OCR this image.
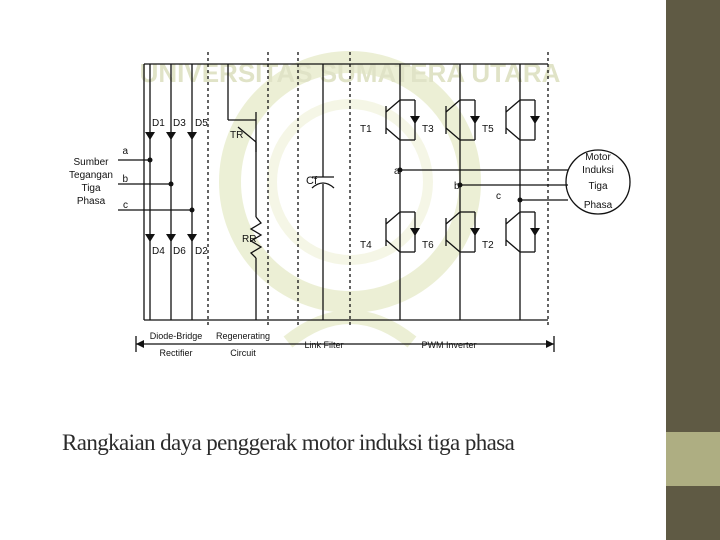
UNIVERSITAS SUMATERA UTARA
a
b
c
D1 D3 D5
D4 D6 D2
TR
RR
Cf
T1	T3	T5
T4	T6	T2
a
b
c
Motor
Induksi
Tiga
Phasa
Diode-Bridge
Rectifier
Regenerating
Circuit
Link Filter	PWM Inverter
Sumber
Tegangan
Tiga
Phasa
Rangkaian daya penggerak motor induksi tiga phasa
